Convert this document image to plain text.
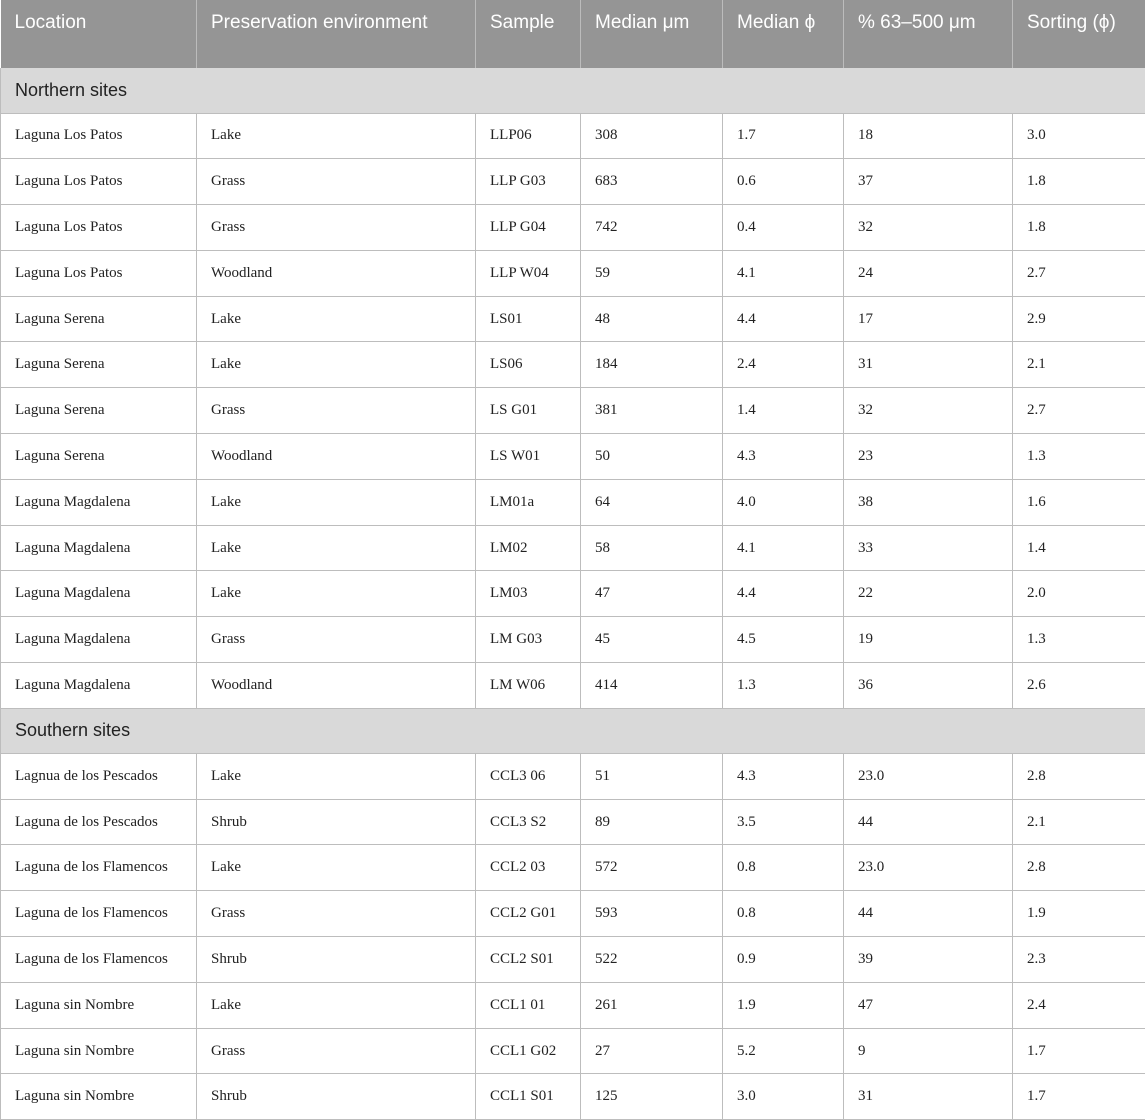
Location	Preservation environment	Sample	Median μm	Median ϕ	% 63–500 μm	Sorting (ϕ)
Northern sites						
Laguna Los Patos	Lake	LLP06	308	1.7	18	3.0
Laguna Los Patos	Grass	LLP G03	683	0.6	37	1.8
Laguna Los Patos	Grass	LLP G04	742	0.4	32	1.8
Laguna Los Patos	Woodland	LLP W04	59	4.1	24	2.7
Laguna Serena	Lake	LS01	48	4.4	17	2.9
Laguna Serena	Lake	LS06	184	2.4	31	2.1
Laguna Serena	Grass	LS G01	381	1.4	32	2.7
Laguna Serena	Woodland	LS W01	50	4.3	23	1.3
Laguna Magdalena	Lake	LM01a	64	4.0	38	1.6
Laguna Magdalena	Lake	LM02	58	4.1	33	1.4
Laguna Magdalena	Lake	LM03	47	4.4	22	2.0
Laguna Magdalena	Grass	LM G03	45	4.5	19	1.3
Laguna Magdalena	Woodland	LM W06	414	1.3	36	2.6
Southern sites						
Lagnua de los Pescados	Lake	CCL3 06	51	4.3	23.0	2.8
Laguna de los Pescados	Shrub	CCL3 S2	89	3.5	44	2.1
Laguna de los Flamencos	Lake	CCL2 03	572	0.8	23.0	2.8
Laguna de los Flamencos	Grass	CCL2 G01	593	0.8	44	1.9
Laguna de los Flamencos	Shrub	CCL2 S01	522	0.9	39	2.3
Laguna sin Nombre	Lake	CCL1 01	261	1.9	47	2.4
Laguna sin Nombre	Grass	CCL1 G02	27	5.2	9	1.7
Laguna sin Nombre	Shrub	CCL1 S01	125	3.0	31	1.7
